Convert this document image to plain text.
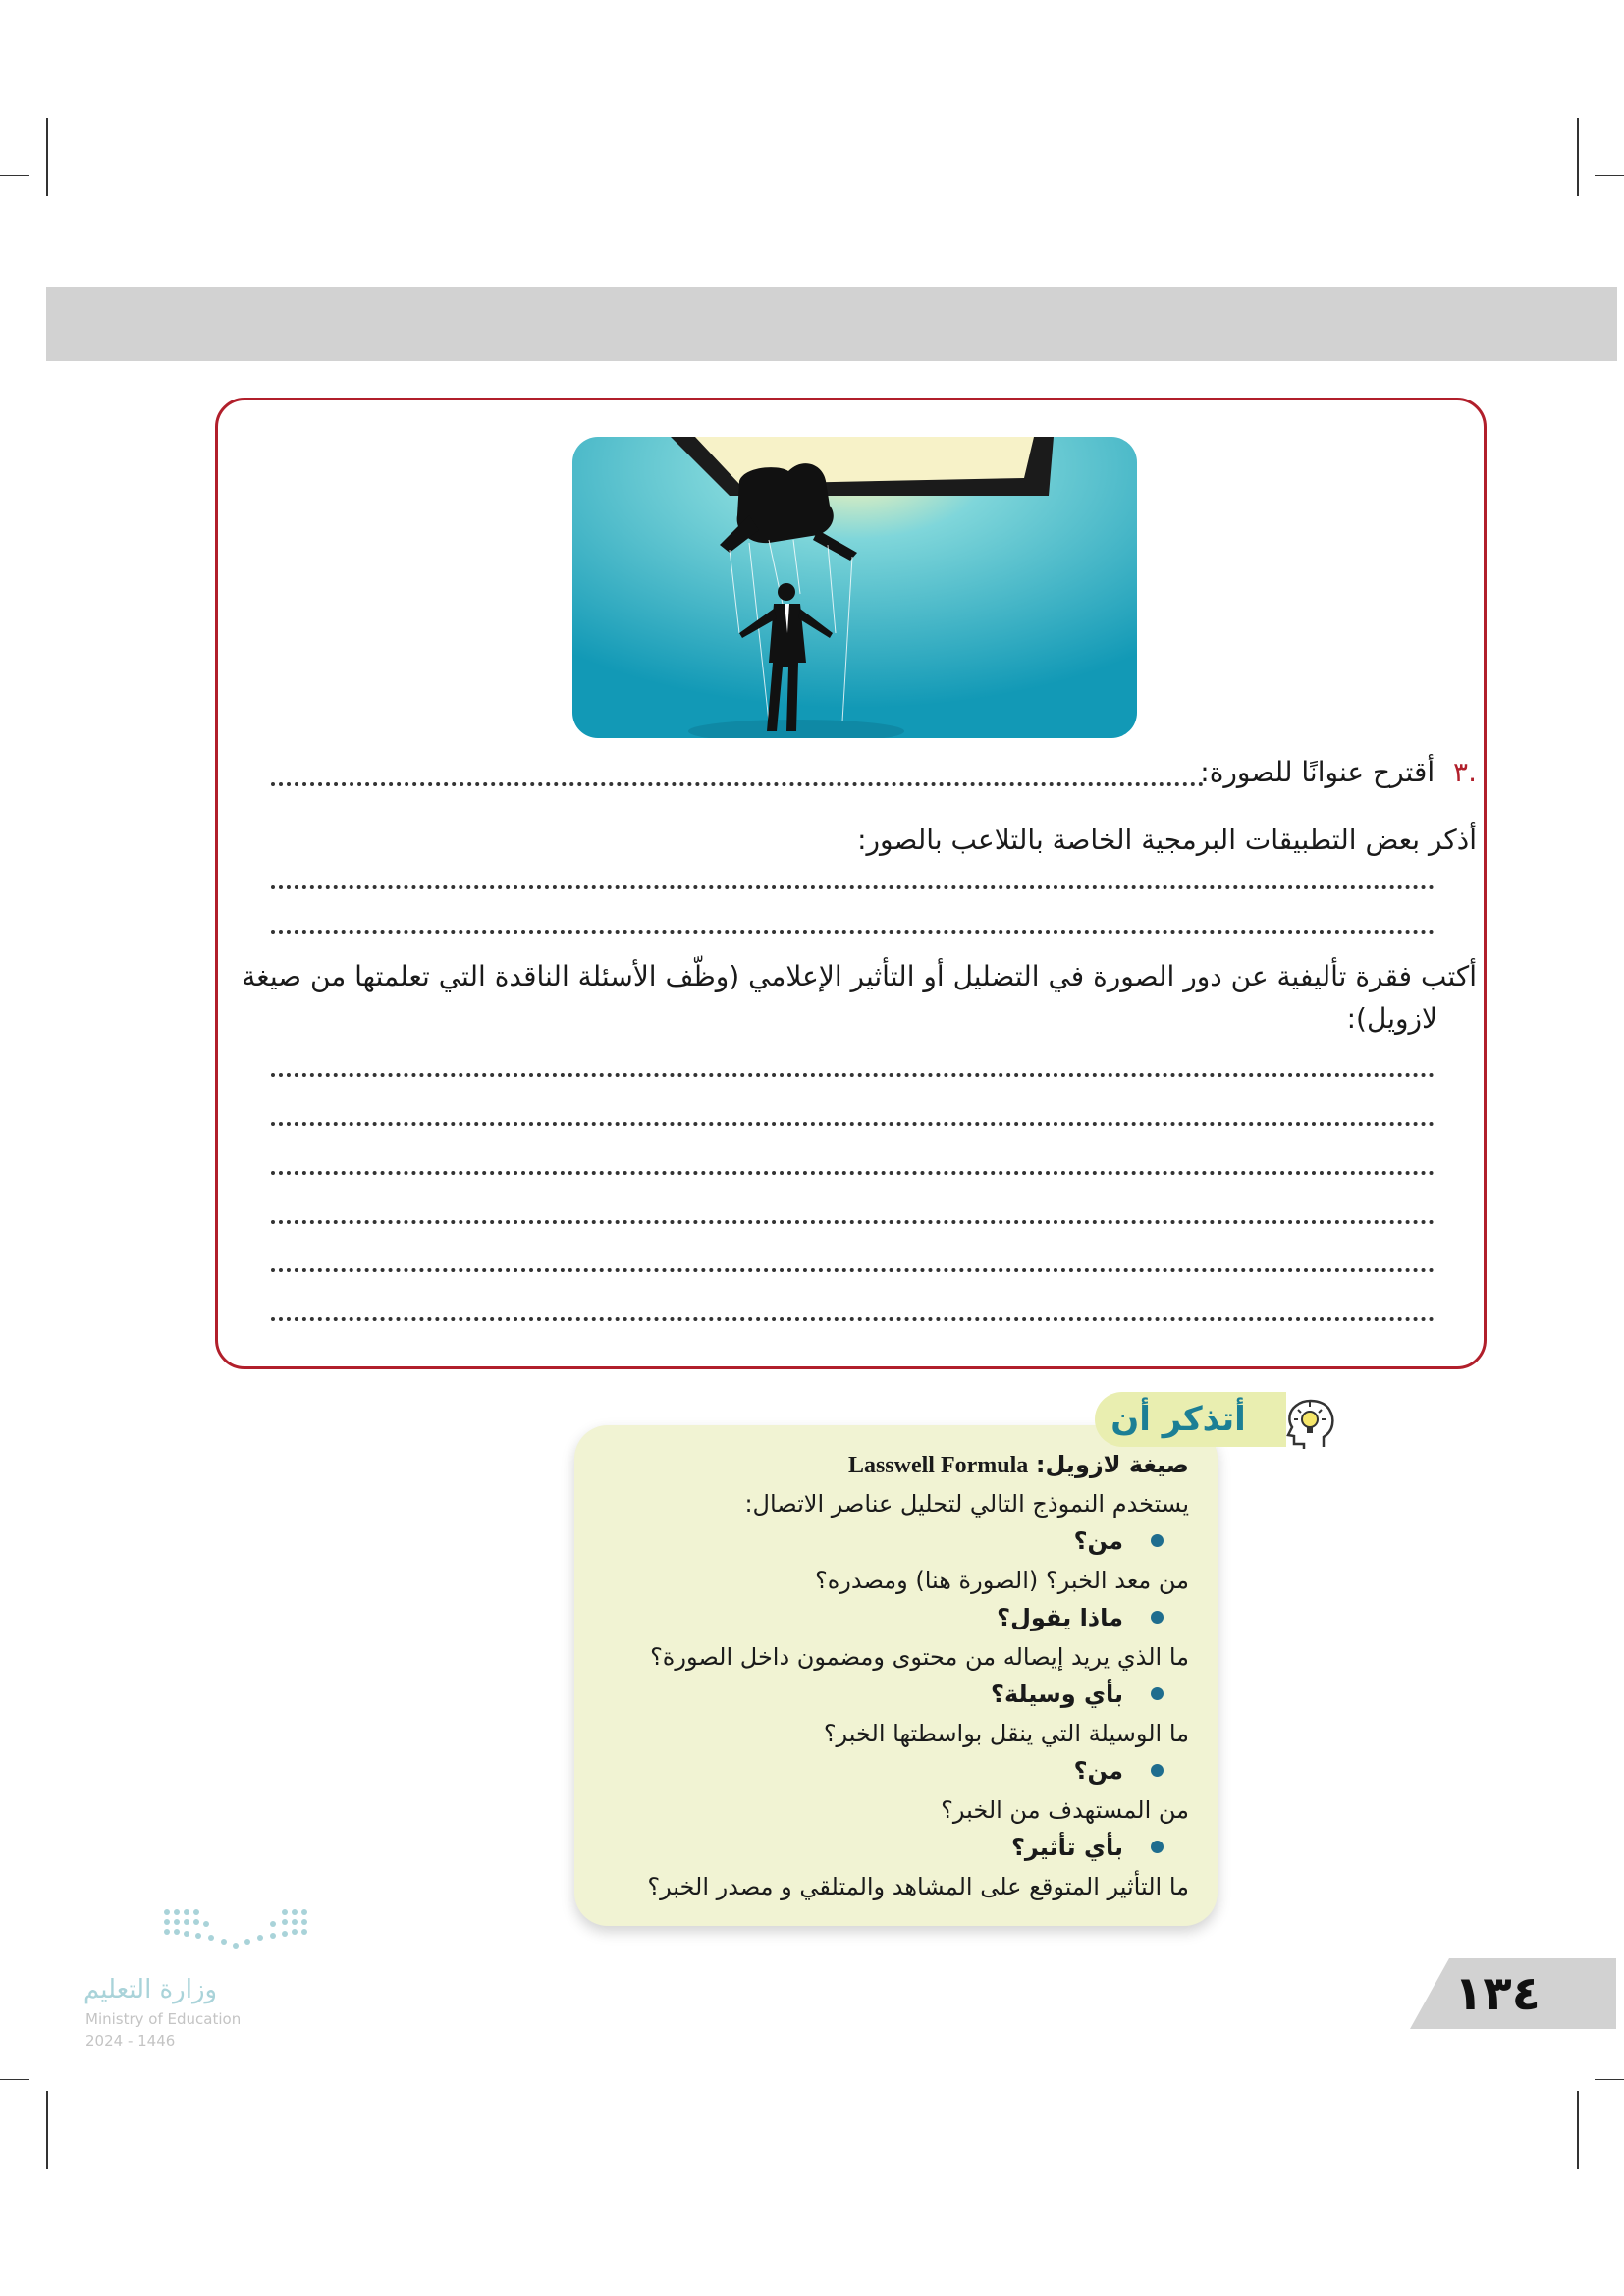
.٣ أقترح عنوانًا للصورة:
أذكر بعض التطبيقات البرمجية الخاصة بالتلاعب بالصور:
أكتب فقرة تأليفية عن دور الصورة في التضليل أو التأثير الإعلامي (وظّف الأسئلة الناقدة التي تعلمتها من صيغة
لازويل):
أتذكر أن
صيغة لازويل: Lasswell Formula
يستخدم النموذج التالي لتحليل عناصر الاتصال:
من؟
من معد الخبر؟ (الصورة هنا) ومصدره؟
ماذا يقول؟
ما الذي يريد إيصاله من محتوى ومضمون داخل الصورة؟
بأي وسيلة؟
ما الوسيلة التي ينقل بواسطتها الخبر؟
من؟
من المستهدف من الخبر؟
بأي تأثير؟
ما التأثير المتوقع على المشاهد والمتلقي و مصدر الخبر؟
وزارة التعليم
Ministry of Education
2024 - 1446
١٣٤
